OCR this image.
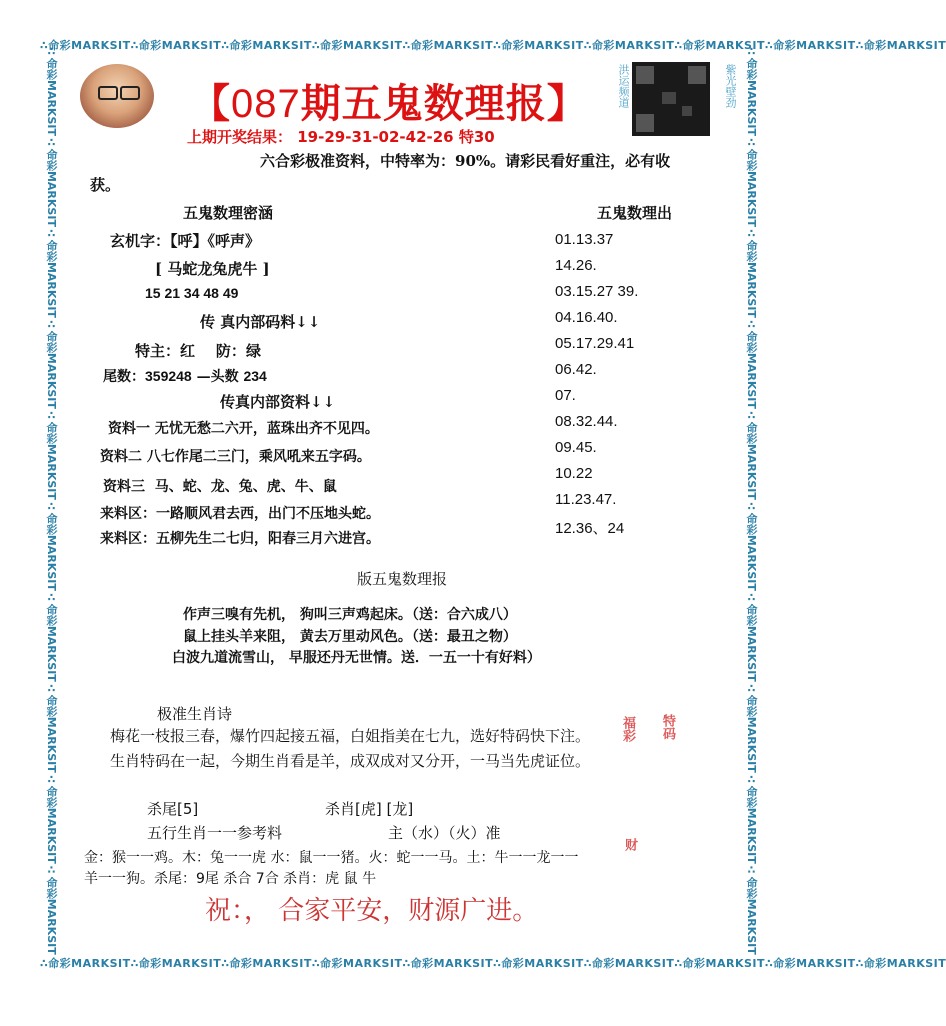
∴命彩MARKSIT∴命彩MARKSIT∴命彩MARKSIT∴命彩MARKSIT∴命彩MARKSIT∴命彩MARKSIT∴命彩MARKSIT∴命彩MARKSIT∴命彩MARKSIT∴命彩MARKSIT
∴命彩MARKSIT∴命彩MARKSIT∴命彩MARKSIT∴命彩MARKSIT∴命彩MARKSIT∴命彩MARKSIT∴命彩MARKSIT∴命彩MARKSIT∴命彩MARKSIT∴命彩MARKSIT
∴命彩MARKSIT∴命彩MARKSIT∴命彩MARKSIT∴命彩MARKSIT∴命彩MARKSIT∴命彩MARKSIT∴命彩MARKSIT∴命彩MARKSIT∴命彩MARKSIT∴命彩MARKSIT	∴命彩MARKSIT∴命彩MARKSIT∴命彩MARKSIT∴命彩MARKSIT∴命彩MARKSIT∴命彩MARKSIT∴命彩MARKSIT∴命彩MARKSIT∴命彩MARKSIT∴命彩MARKSIT
【087期五鬼数理报】	洪运频道	紫光壁劲
上期开奖结果： 19-29-31-02-42-26 特30
六合彩极准资料，中特率为：90%。请彩民看好重注，必有收
获。
五鬼数理密涵
玄机字：【呼】《呼声》
[ 马蛇龙兔虎牛 ]
15 21 34 48 49
传 真内部码料↓↓
特主：红 防：绿
尾数：359248 —头数 234
传真内部资料↓↓
资料一 无忧无愁二六开，蓝珠出齐不见四。
资料二 八七作尾二三门，乘风吼来五字码。
资料三 马、蛇、龙、兔、虎、牛、鼠
来料区：一路顺风君去西，出门不压地头蛇。
来料区：五柳先生二七归，阳春三月六进宫。
五鬼数理出
01.13.37
14.26.
03.15.27 39.
04.16.40.
05.17.29.41
06.42.
07.
08.32.44.
09.45.
10.22
11.23.47.
12.36、24
版五鬼数理报
作声三嗅有先机， 狗叫三声鸡起床。（送：合六成八）
鼠上挂头羊来阻， 黄去万里动风色。（送：最丑之物）
白波九道流雪山， 早服还丹无世情。送．一五一十有好料）
极准生肖诗
梅花一枝报三春，爆竹四起接五福，白姐指美在七九，选好特码快下注。
生肖特码在一起，今期生肖看是羊，成双成对又分开，一马当先虎证位。
杀尾[5]	杀肖[虎] [龙]
五行生肖一一参考料	主（水）（火）准
金：猴一一鸡。木：兔一一虎 水：鼠一一猪。火：蛇一一马。土：牛一一龙一一
羊一一狗。杀尾：9尾 杀合 7合 杀肖：虎 鼠 牛
祝：， 合家平安，财源广进。
福彩 特码
财
